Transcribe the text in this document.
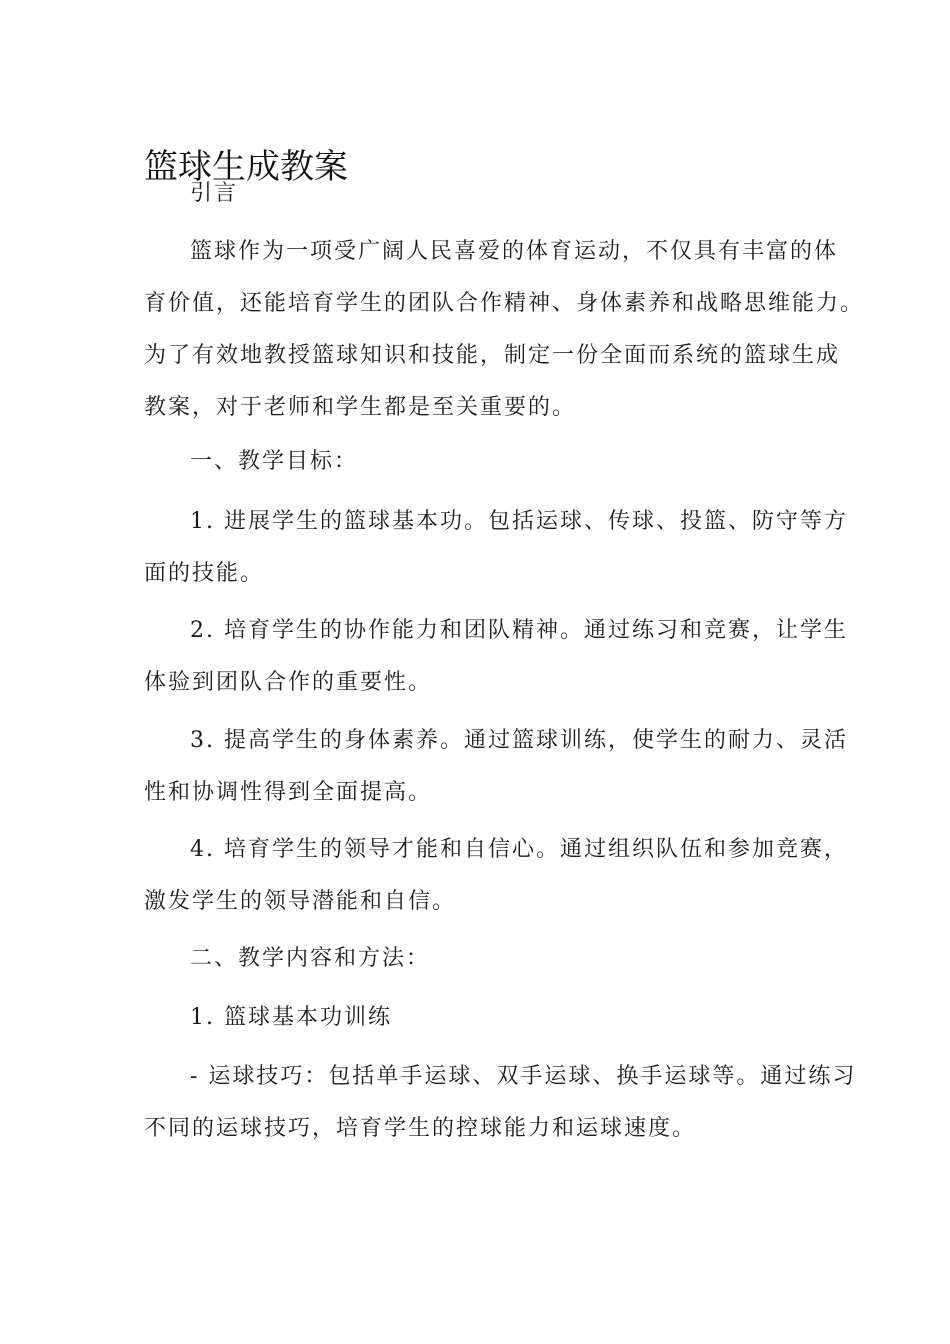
篮球生成教案
引言
篮球作为一项受广阔人民喜爱的体育运动，不仅具有丰富的体
育价值，还能培育学生的团队合作精神、身体素养和战略思维能力。
为了有效地教授篮球知识和技能，制定一份全面而系统的篮球生成
教案，对于老师和学生都是至关重要的。
一、教学目标：
1. 进展学生的篮球基本功。包括运球、传球、投篮、防守等方
面的技能。
2. 培育学生的协作能力和团队精神。通过练习和竞赛，让学生
体验到团队合作的重要性。
3. 提高学生的身体素养。通过篮球训练，使学生的耐力、灵活
性和协调性得到全面提高。
4. 培育学生的领导才能和自信心。通过组织队伍和参加竞赛，
激发学生的领导潜能和自信。
二、教学内容和方法：
1. 篮球基本功训练
- 运球技巧：包括单手运球、双手运球、换手运球等。通过练习
不同的运球技巧，培育学生的控球能力和运球速度。
